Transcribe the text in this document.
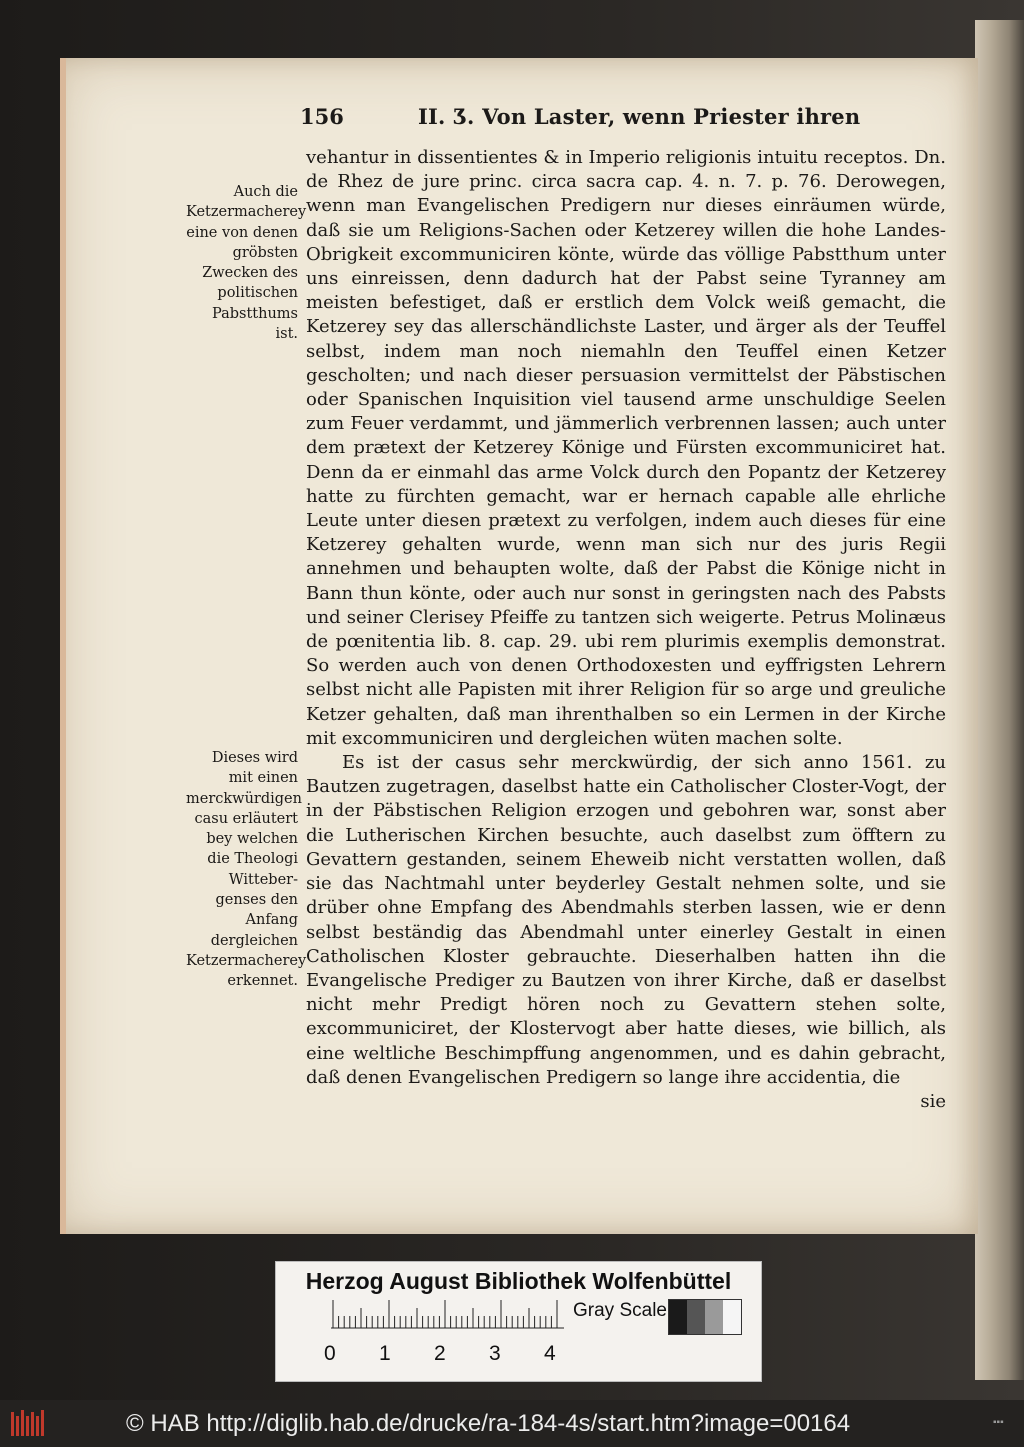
156	II. Ʒ. Von Laster, wenn Priester ihren
Auch die Ketzermacherey eine von denen gröbsten Zwecken des politischen Pabstthums ist.
Dieses wird mit einen merckwürdigen casu erläutert bey welchen die Theologi Wittebergenses den Anfang dergleichen Ketzermacherey erkennet.

vehantur in dissentientes & in Imperio religionis intuitu receptos. Dn. de Rhez de jure princ. circa sacra cap. 4. n. 7. p. 76. Derowegen, wenn man Evangelischen Predigern nur dieses einräumen würde, daß sie um Religions-Sachen oder Ketzerey willen die hohe Landes-Obrigkeit excommuniciren könte, würde das völlige Pabstthum unter uns einreissen, denn dadurch hat der Pabst seine Tyranney am meisten befestiget, daß er erstlich dem Volck weiß gemacht, die Ketzerey sey das allerschändlichste Laster, und ärger als der Teuffel selbst, indem man noch niemahln den Teuffel einen Ketzer gescholten; und nach dieser persuasion vermittelst der Päbstischen oder Spanischen Inquisition viel tausend arme unschuldige Seelen zum Feuer verdammt, und jämmerlich verbrennen lassen; auch unter dem prætext der Ketzerey Könige und Fürsten excommuniciret hat. Denn da er einmahl das arme Volck durch den Popantz der Ketzerey hatte zu fürchten gemacht, war er hernach capable alle ehrliche Leute unter diesen prætext zu verfolgen, indem auch dieses für eine Ketzerey gehalten wurde, wenn man sich nur des juris Regii annehmen und behaupten wolte, daß der Pabst die Könige nicht in Bann thun könte, oder auch nur sonst in geringsten nach des Pabsts und seiner Clerisey Pfeiffe zu tantzen sich weigerte. Petrus Molinæus de pœnitentia lib. 8. cap. 29. ubi rem plurimis exemplis demonstrat. So werden auch von denen Orthodoxesten und eyffrigsten Lehrern selbst nicht alle Papisten mit ihrer Religion für so arge und greuliche Ketzer gehalten, daß man ihrenthalben so ein Lermen in der Kirche mit excommuniciren und dergleichen wüten machen solte.

Es ist der casus sehr merckwürdig, der sich anno 1561. zu Bautzen zugetragen, daselbst hatte ein Catholischer Closter-Vogt, der in der Päbstischen Religion erzogen und gebohren war, sonst aber die Lutherischen Kirchen besuchte, auch daselbst zum öfftern zu Gevattern gestanden, seinem Eheweib nicht verstatten wollen, daß sie das Nachtmahl unter beyderley Gestalt nehmen solte, und sie drüber ohne Empfang des Abendmahls sterben lassen, wie er denn selbst beständig das Abendmahl unter einerley Gestalt in einen Catholischen Kloster gebrauchte. Dieserhalben hatten ihn die Evangelische Prediger zu Bautzen von ihrer Kirche, daß er daselbst nicht mehr Predigt hören noch zu Gevattern stehen solte, excommuniciret, der Klostervogt aber hatte dieses, wie billich, als eine weltliche Beschimpffung angenommen, und es dahin gebracht, daß denen Evangelischen Predigern so lange ihre accidentia, die

sie

Herzog August Bibliothek Wolfenbüttel
0 1 2 3 4
Gray Scale
© HAB http://diglib.hab.de/drucke/ra-184-4s/start.htm?image=00164	▪▪▪
